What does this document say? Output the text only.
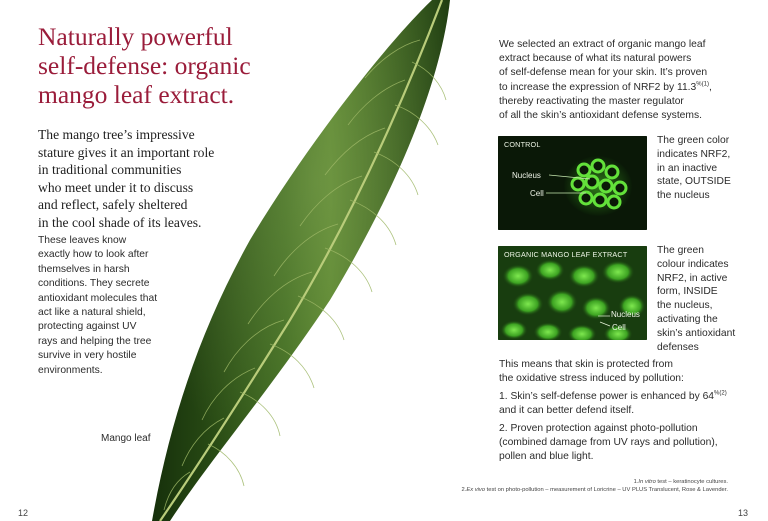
Naturally powerful
self-defense: organic
mango leaf extract.
The mango tree’s impressive
stature gives it an important role
in traditional communities
who meet under it to discuss
and reflect, safely sheltered
in the cool shade of its leaves.
These leaves know
exactly how to look after
themselves in harsh
conditions. They secrete
antioxidant molecules that
act like a natural shield,
protecting against UV
rays and helping the tree
survive in very hostile
environments.
Mango leaf
12
We selected an extract of organic mango leaf
extract because of what its natural powers
of self-defense mean for your skin. It’s proven
to increase the expression of NRF2 by $11.3^{\%(1)}$,
thereby reactivating the master regulator
of all the skin’s antioxidant defense systems.
CONTROL
Nucleus
Cell
The green color
indicates NRF2,
in an inactive
state, OUTSIDE
the nucleus
ORGANIC MANGO LEAF EXTRACT
Nucleus
Cell
The green
colour indicates
NRF2, in active
form, INSIDE
the nucleus,
activating the
skin’s antioxidant
defenses
This means that skin is protected from
the oxidative stress induced by pollution:
1. Skin’s self-defense power is enhanced by $64^{\%(2)}$
and it can better defend itself.
2. Proven protection against photo-pollution
(combined damage from UV rays and pollution),
pollen and blue light.
1.In vitro test – keratinocyte cultures.
2.Ex vivo test on photo-pollution – measurement of Loricrine – UV PLUS Translucent, Rose & Lavender.
13
